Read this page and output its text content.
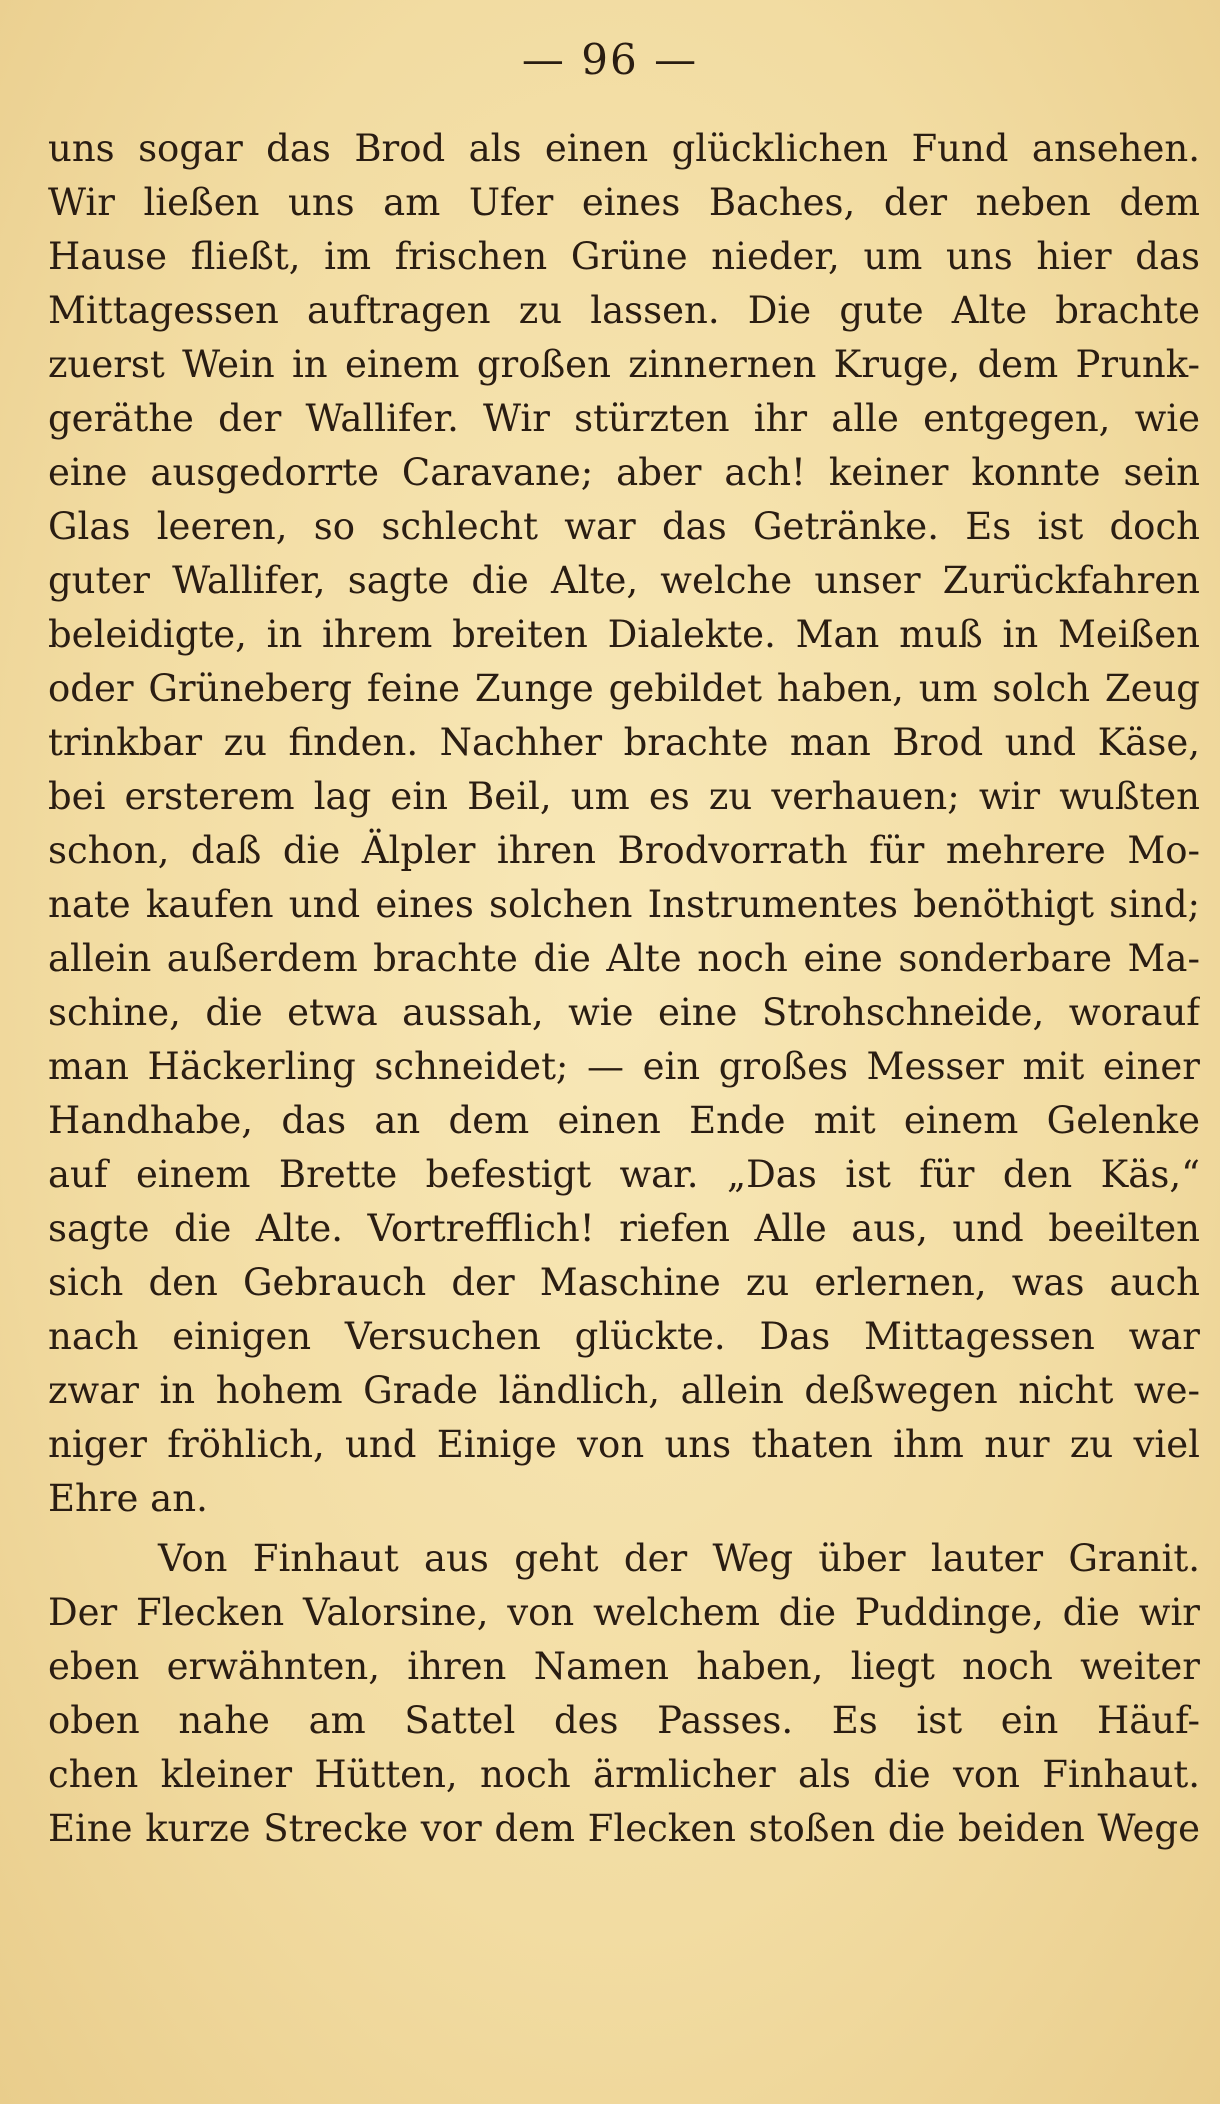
— 96 —
uns sogar das Brod als einen glücklichen Fund ansehen.
Wir ließen uns am Ufer eines Baches, der neben dem
Hause fließt, im frischen Grüne nieder, um uns hier das
Mittagessen auftragen zu lassen. Die gute Alte brachte
zuerst Wein in einem großen zinnernen Kruge, dem Prunk-
geräthe der Wallifer. Wir stürzten ihr alle entgegen, wie
eine ausgedorrte Caravane; aber ach! keiner konnte sein
Glas leeren, so schlecht war das Getränke. Es ist doch
guter Wallifer, sagte die Alte, welche unser Zurückfahren
beleidigte, in ihrem breiten Dialekte. Man muß in Meißen
oder Grüneberg feine Zunge gebildet haben, um solch Zeug
trinkbar zu finden. Nachher brachte man Brod und Käse,
bei ersterem lag ein Beil, um es zu verhauen; wir wußten
schon, daß die Älpler ihren Brodvorrath für mehrere Mo-
nate kaufen und eines solchen Instrumentes benöthigt sind;
allein außerdem brachte die Alte noch eine sonderbare Ma-
schine, die etwa aussah, wie eine Strohschneide, worauf
man Häckerling schneidet; — ein großes Messer mit einer
Handhabe, das an dem einen Ende mit einem Gelenke
auf einem Brette befestigt war. „Das ist für den Käs,“
sagte die Alte. Vortrefflich! riefen Alle aus, und beeilten
sich den Gebrauch der Maschine zu erlernen, was auch
nach einigen Versuchen glückte. Das Mittagessen war
zwar in hohem Grade ländlich, allein deßwegen nicht we-
niger fröhlich, und Einige von uns thaten ihm nur zu viel
Ehre an.
Von Finhaut aus geht der Weg über lauter Granit.
Der Flecken Valorsine, von welchem die Puddinge, die wir
eben erwähnten, ihren Namen haben, liegt noch weiter
oben nahe am Sattel des Passes. Es ist ein Häuf-
chen kleiner Hütten, noch ärmlicher als die von Finhaut.
Eine kurze Strecke vor dem Flecken stoßen die beiden Wege
